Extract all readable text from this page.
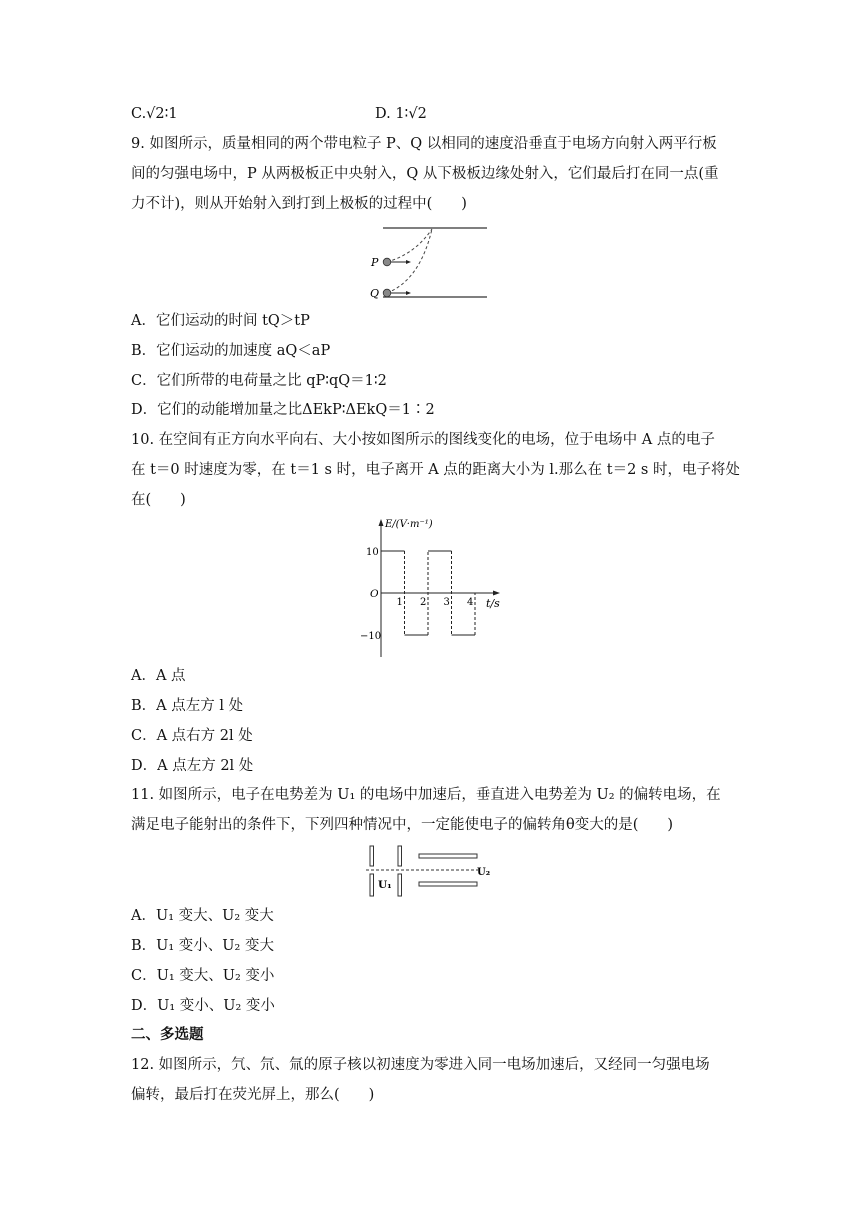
C.√2∶1	D. 1∶√2
9. 如图所示，质量相同的两个带电粒子 P、Q 以相同的速度沿垂直于电场方向射入两平行板
间的匀强电场中，P 从两极板正中央射入，Q 从下极板边缘处射入，它们最后打在同一点(重
力不计)，则从开始射入到打到上极板的过程中(　　)
P
Q
A．它们运动的时间 tQ＞tP
B．它们运动的加速度 aQ＜aP
C．它们所带的电荷量之比 qP∶qQ＝1∶2
D．它们的动能增加量之比ΔEkP∶ΔEkQ＝1∶2
10. 在空间有正方向水平向右、大小按如图所示的图线变化的电场，位于电场中 A 点的电子
在 t＝0 时速度为零，在 t＝1 s 时，电子离开 A 点的距离大小为 l.那么在 t＝2 s 时，电子将处
在(　　)
E/(V·m⁻¹)
O
t/s
1 2 3 4
10
−10
A．A 点
B．A 点左方 l 处
C．A 点右方 2l 处
D．A 点左方 2l 处
11. 如图所示，电子在电势差为 U₁ 的电场中加速后，垂直进入电势差为 U₂ 的偏转电场，在
满足电子能射出的条件下，下列四种情况中，一定能使电子的偏转角θ变大的是(　　)
U₁
U₂
A．U₁ 变大、U₂ 变大
B．U₁ 变小、U₂ 变大
C．U₁ 变大、U₂ 变小
D．U₁ 变小、U₂ 变小
二、多选题
12. 如图所示，氕、氘、氚的原子核以初速度为零进入同一电场加速后，又经同一匀强电场
偏转，最后打在荧光屏上，那么(　　)
